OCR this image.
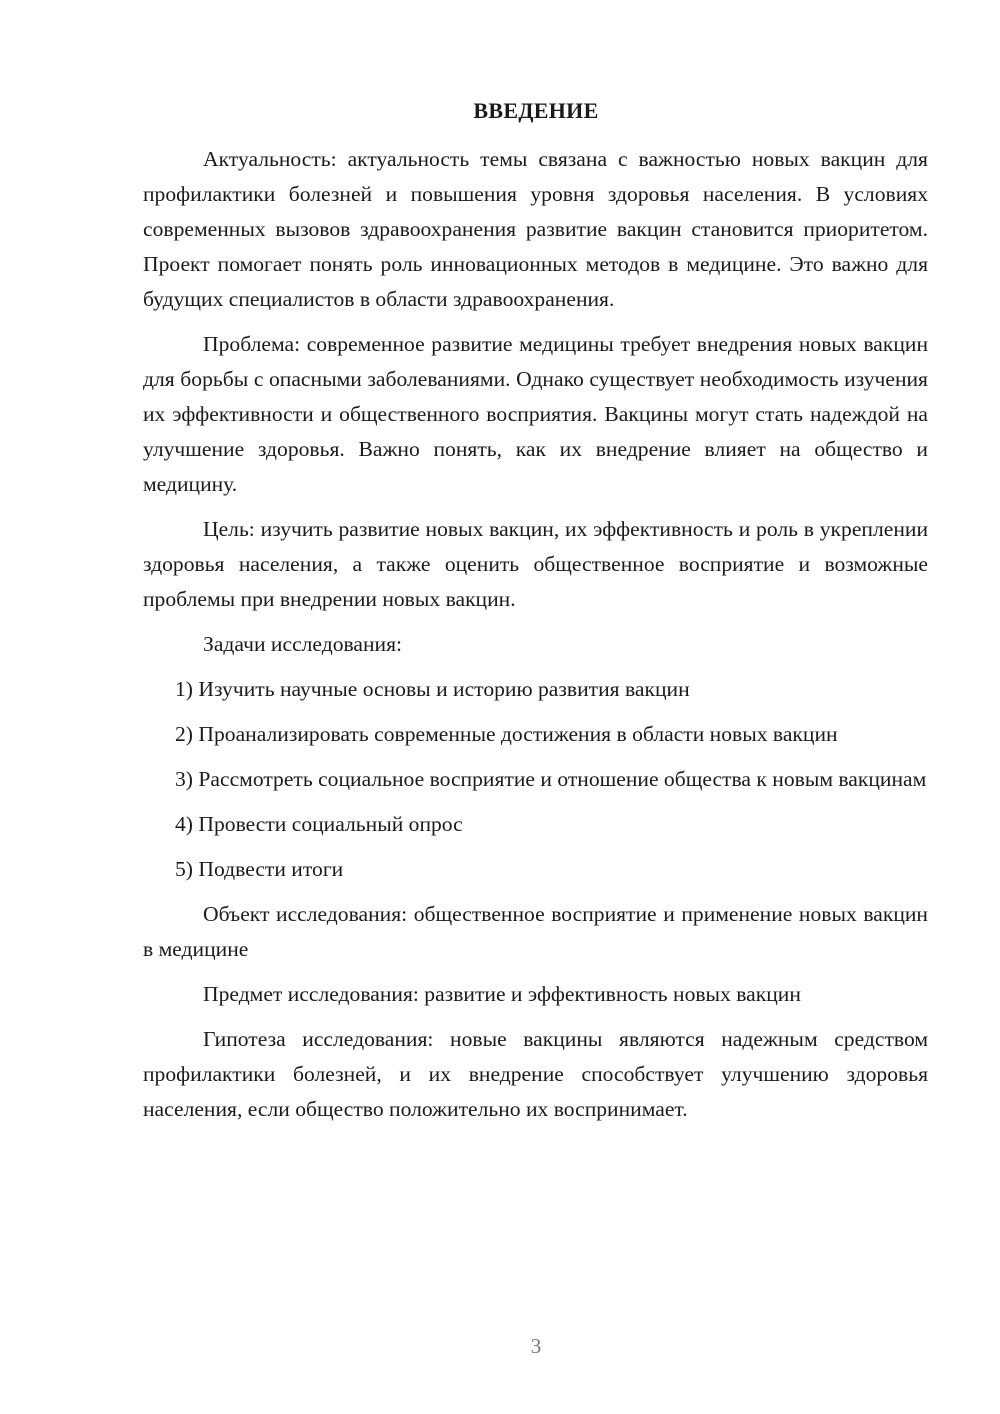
ВВЕДЕНИЕ

Актуальность: актуальность темы связана с важностью новых вакцин для профилактики болезней и повышения уровня здоровья населения. В условиях современных вызовов здравоохранения развитие вакцин становится приоритетом. Проект помогает понять роль инновационных методов в медицине. Это важно для будущих специалистов в области здравоохранения.

Проблема: современное развитие медицины требует внедрения новых вакцин для борьбы с опасными заболеваниями. Однако существует необходимость изучения их эффективности и общественного восприятия. Вакцины могут стать надеждой на улучшение здоровья. Важно понять, как их внедрение влияет на общество и медицину.

Цель: изучить развитие новых вакцин, их эффективность и роль в укреплении здоровья населения, а также оценить общественное восприятие и возможные проблемы при внедрении новых вакцин.

Задачи исследования:

1) Изучить научные основы и историю развития вакцин

2) Проанализировать современные достижения в области новых вакцин

3) Рассмотреть социальное восприятие и отношение общества к новым вакцинам

4) Провести социальный опрос

5) Подвести итоги

Объект исследования: общественное восприятие и применение новых вакцин в медицине

Предмет исследования: развитие и эффективность новых вакцин

Гипотеза исследования: новые вакцины являются надежным средством профилактики болезней, и их внедрение способствует улучшению здоровья населения, если общество положительно их воспринимает.

3
